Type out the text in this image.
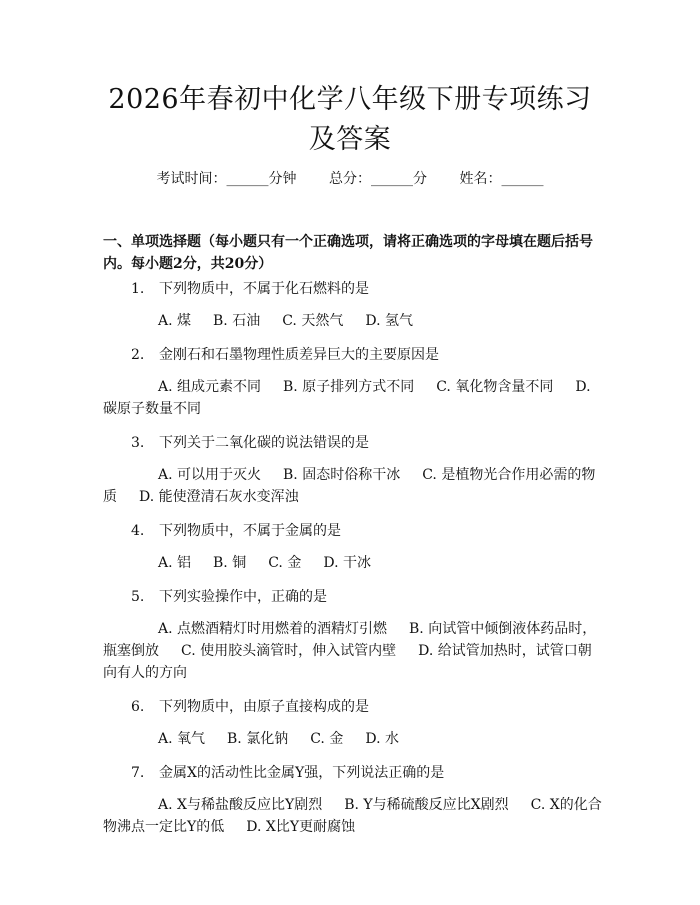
2026年春初中化学八年级下册专项练习及答案
考试时间：______分钟 总分：______分 姓名：______
一、单项选择题（每小题只有一个正确选项，请将正确选项的字母填在题后括号内。每小题2分，共20分）
1. 下列物质中，不属于化石燃料的是
A. 煤 B. 石油 C. 天然气 D. 氢气
2. 金刚石和石墨物理性质差异巨大的主要原因是
A. 组成元素不同 B. 原子排列方式不同 C. 氧化物含量不同 D. 碳原子数量不同
3. 下列关于二氧化碳的说法错误的是
A. 可以用于灭火 B. 固态时俗称干冰 C. 是植物光合作用必需的物质 D. 能使澄清石灰水变浑浊
4. 下列物质中，不属于金属的是
A. 铝 B. 铜 C. 金 D. 干冰
5. 下列实验操作中，正确的是
A. 点燃酒精灯时用燃着的酒精灯引燃 B. 向试管中倾倒液体药品时，瓶塞倒放 C. 使用胶头滴管时，伸入试管内壁 D. 给试管加热时，试管口朝向有人的方向
6. 下列物质中，由原子直接构成的是
A. 氧气 B. 氯化钠 C. 金 D. 水
7. 金属X的活动性比金属Y强，下列说法正确的是
A. X与稀盐酸反应比Y剧烈 B. Y与稀硫酸反应比X剧烈 C. X的化合物沸点一定比Y的低 D. X比Y更耐腐蚀
